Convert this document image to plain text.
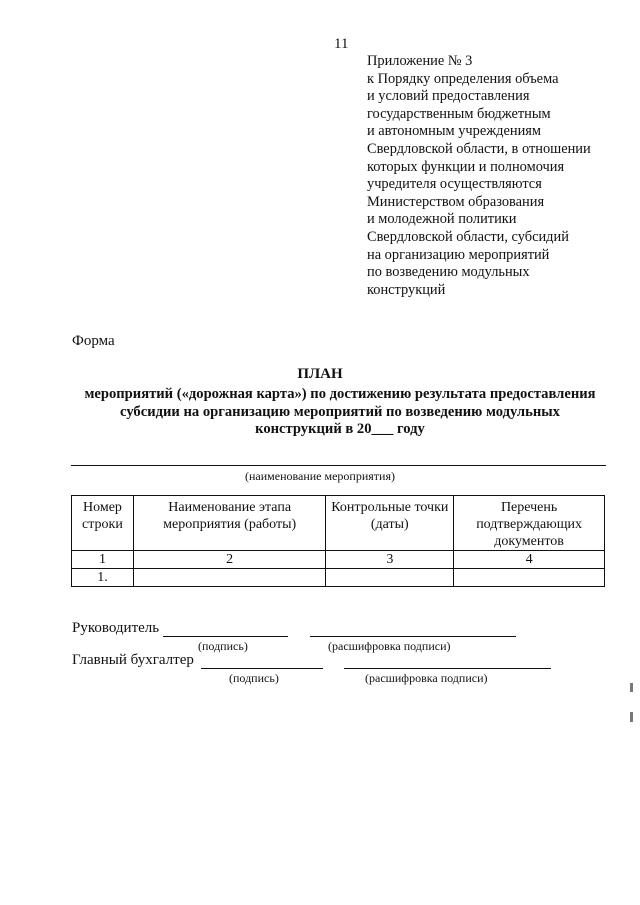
11
Приложение № 3
к Порядку определения объема
и условий предоставления
государственным бюджетным
и автономным учреждениям
Свердловской области, в отношении
которых функции и полномочия
учредителя осуществляются
Министерством образования
и молодежной политики
Свердловской области, субсидий
на организацию мероприятий
по возведению модульных
конструкций
Форма
ПЛАН
мероприятий («дорожная карта») по достижению результата предоставления
субсидии на организацию мероприятий по возведению модульных
конструкций в 20___ году
(наименование мероприятия)
Номер строки	Наименование этапа мероприятия (работы)	Контрольные точки (даты)	Перечень подтверждающих документов
1	2	3	4
1.			
Руководитель
(подпись)	(расшифровка подписи)
Главный бухгалтер
(подпись)	(расшифровка подписи)
